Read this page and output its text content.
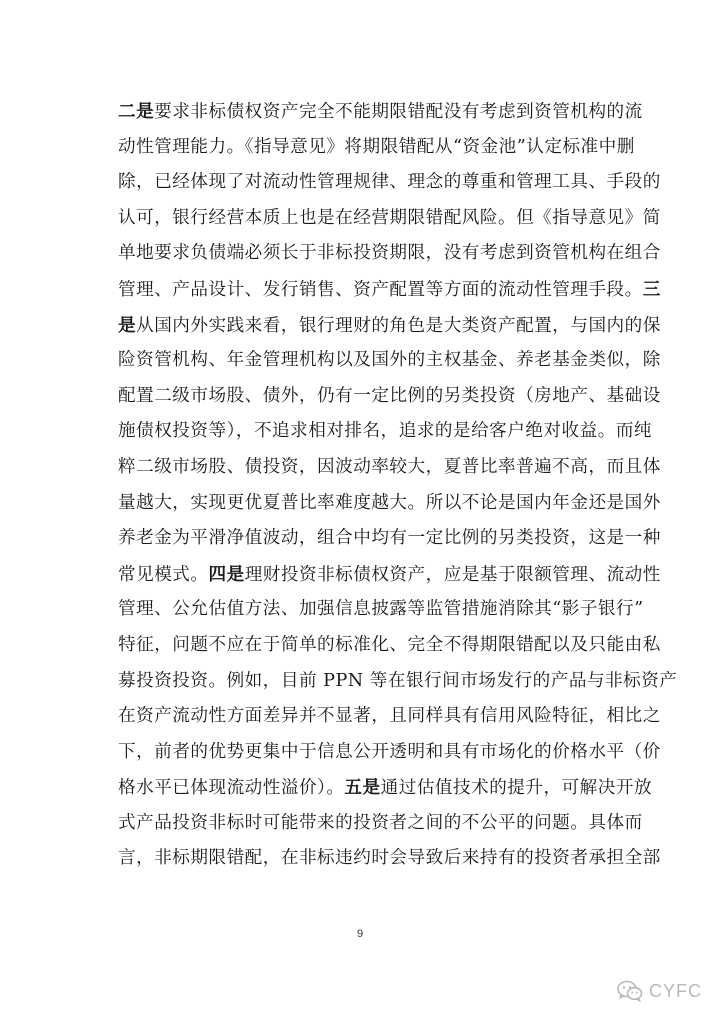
二是要求非标债权资产完全不能期限错配没有考虑到资管机构的流
动性管理能力。《指导意见》将期限错配从“资金池”认定标准中删
除，已经体现了对流动性管理规律、理念的尊重和管理工具、手段的
认可，银行经营本质上也是在经营期限错配风险。但《指导意见》简
单地要求负债端必须长于非标投资期限，没有考虑到资管机构在组合
管理、产品设计、发行销售、资产配置等方面的流动性管理手段。三
是从国内外实践来看，银行理财的角色是大类资产配置，与国内的保
险资管机构、年金管理机构以及国外的主权基金、养老基金类似，除
配置二级市场股、债外，仍有一定比例的另类投资（房地产、基础设
施债权投资等），不追求相对排名，追求的是给客户绝对收益。而纯
粹二级市场股、债投资，因波动率较大，夏普比率普遍不高，而且体
量越大，实现更优夏普比率难度越大。所以不论是国内年金还是国外
养老金为平滑净值波动，组合中均有一定比例的另类投资，这是一种
常见模式。四是理财投资非标债权资产，应是基于限额管理、流动性
管理、公允估值方法、加强信息披露等监管措施消除其“影子银行”
特征，问题不应在于简单的标准化、完全不得期限错配以及只能由私
募投资投资。例如，目前 PPN 等在银行间市场发行的产品与非标资产
在资产流动性方面差异并不显著，且同样具有信用风险特征，相比之
下，前者的优势更集中于信息公开透明和具有市场化的价格水平（价
格水平已体现流动性溢价）。五是通过估值技术的提升，可解决开放
式产品投资非标时可能带来的投资者之间的不公平的问题。具体而
言，非标期限错配，在非标违约时会导致后来持有的投资者承担全部
9
CYFC
